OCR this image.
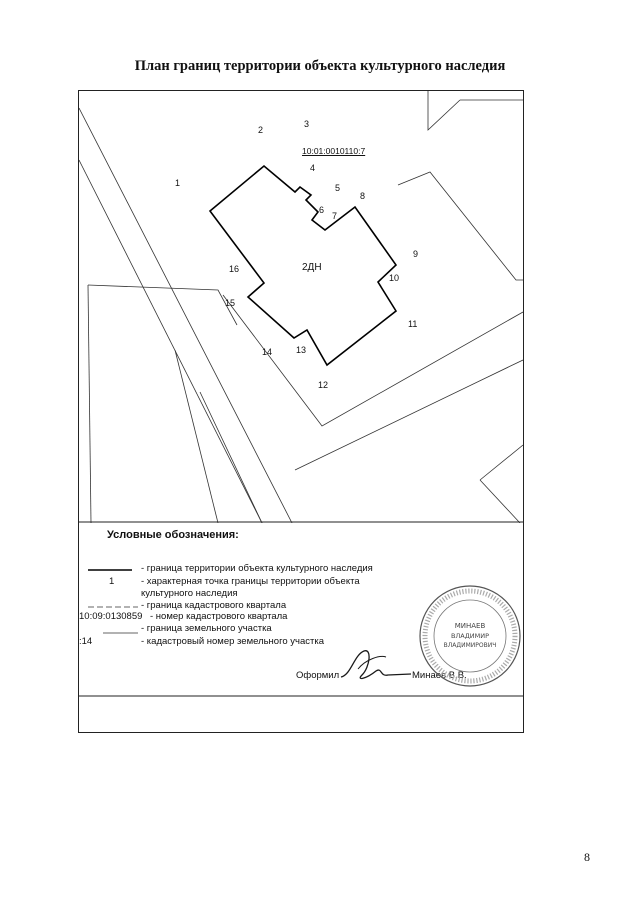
План границ территории объекта культурного наследия
10:01:0010110:7
2ДН
1
2
3
4
5
6
7
8
9
10
11
12
13
14
15
16
Условные обозначения:
- граница территории объекта культурного наследия
1	- характерная точка границы территории объекта
культурного наследия
- граница кадастрового квартала
10:09:0130859 - номер кадастрового квартала
- граница земельного участка
:14	- кадастровый номер земельного участка
Оформил	Минаев В.В.
МИНАЕВ
ВЛАДИМИР
ВЛАДИМИРОВИЧ
8
